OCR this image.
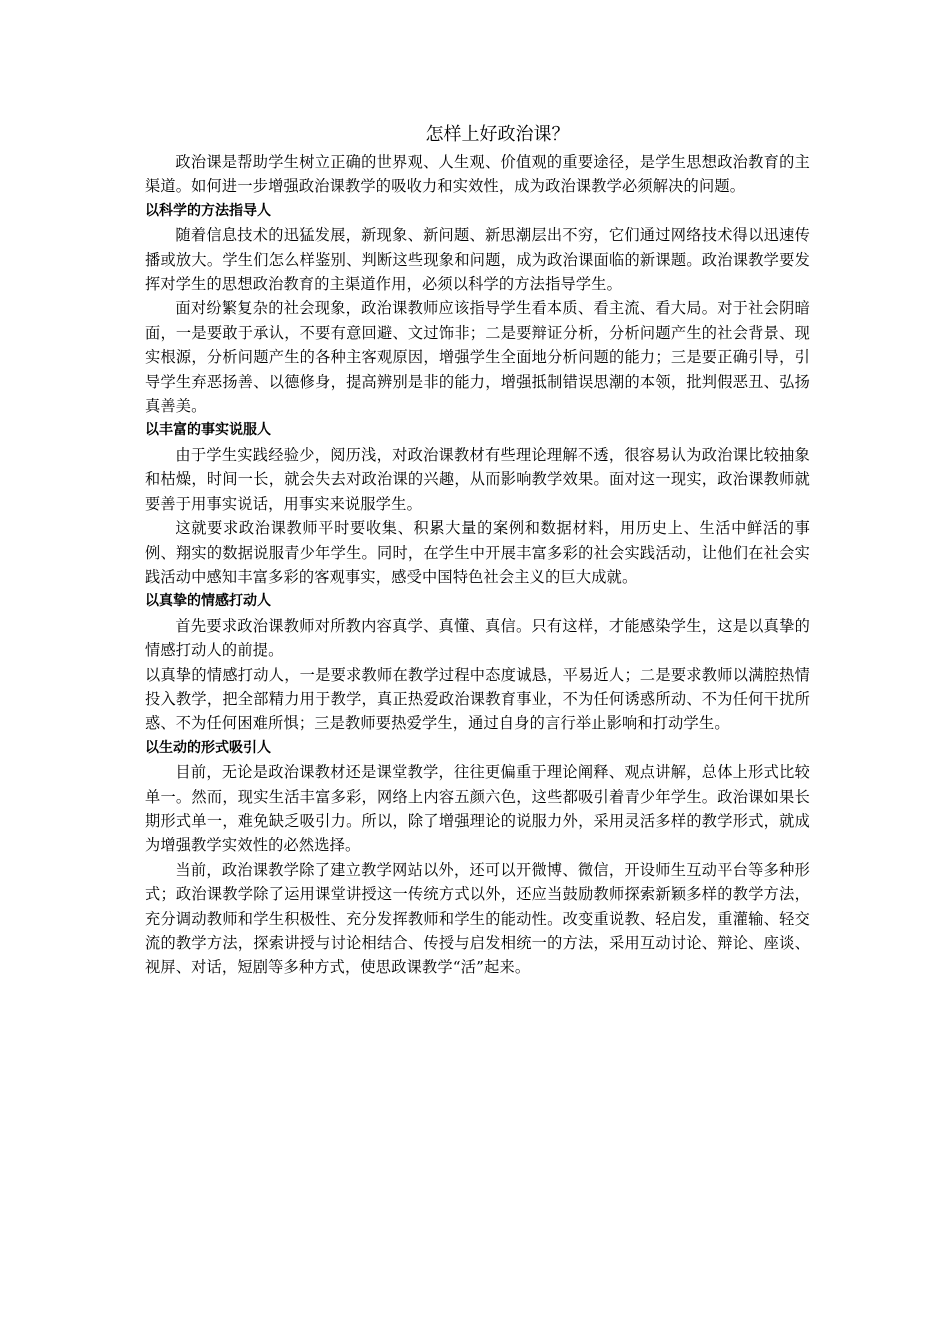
怎样上好政治课？

政治课是帮助学生树立正确的世界观、人生观、价值观的重要途径，是学生思想政治教育的主渠道。如何进一步增强政治课教学的吸收力和实效性，成为政治课教学必须解决的问题。

以科学的方法指导人

随着信息技术的迅猛发展，新现象、新问题、新思潮层出不穷，它们通过网络技术得以迅速传播或放大。学生们怎么样鉴别、判断这些现象和问题，成为政治课面临的新课题。政治课教学要发挥对学生的思想政治教育的主渠道作用，必须以科学的方法指导学生。

面对纷繁复杂的社会现象，政治课教师应该指导学生看本质、看主流、看大局。对于社会阴暗面，一是要敢于承认，不要有意回避、文过饰非；二是要辩证分析，分析问题产生的社会背景、现实根源，分析问题产生的各种主客观原因，增强学生全面地分析问题的能力；三是要正确引导，引导学生弃恶扬善、以德修身，提高辨别是非的能力，增强抵制错误思潮的本领，批判假恶丑、弘扬真善美。

以丰富的事实说服人

由于学生实践经验少，阅历浅，对政治课教材有些理论理解不透，很容易认为政治课比较抽象和枯燥，时间一长，就会失去对政治课的兴趣，从而影响教学效果。面对这一现实，政治课教师就要善于用事实说话，用事实来说服学生。

这就要求政治课教师平时要收集、积累大量的案例和数据材料，用历史上、生活中鲜活的事例、翔实的数据说服青少年学生。同时，在学生中开展丰富多彩的社会实践活动，让他们在社会实践活动中感知丰富多彩的客观事实，感受中国特色社会主义的巨大成就。

以真挚的情感打动人

首先要求政治课教师对所教内容真学、真懂、真信。只有这样，才能感染学生，这是以真挚的情感打动人的前提。

以真挚的情感打动人，一是要求教师在教学过程中态度诚恳，平易近人；二是要求教师以满腔热情投入教学，把全部精力用于教学，真正热爱政治课教育事业，不为任何诱惑所动、不为任何干扰所惑、不为任何困难所惧；三是教师要热爱学生，通过自身的言行举止影响和打动学生。

以生动的形式吸引人

目前，无论是政治课教材还是课堂教学，往往更偏重于理论阐释、观点讲解，总体上形式比较单一。然而，现实生活丰富多彩，网络上内容五颜六色，这些都吸引着青少年学生。政治课如果长期形式单一，难免缺乏吸引力。所以，除了增强理论的说服力外，采用灵活多样的教学形式，就成为增强教学实效性的必然选择。

当前，政治课教学除了建立教学网站以外，还可以开微博、微信，开设师生互动平台等多种形式；政治课教学除了运用课堂讲授这一传统方式以外，还应当鼓励教师探索新颖多样的教学方法，充分调动教师和学生积极性、充分发挥教师和学生的能动性。改变重说教、轻启发，重灌输、轻交流的教学方法，探索讲授与讨论相结合、传授与启发相统一的方法，采用互动讨论、辩论、座谈、视屏、对话，短剧等多种方式，使思政课教学“活”起来。
